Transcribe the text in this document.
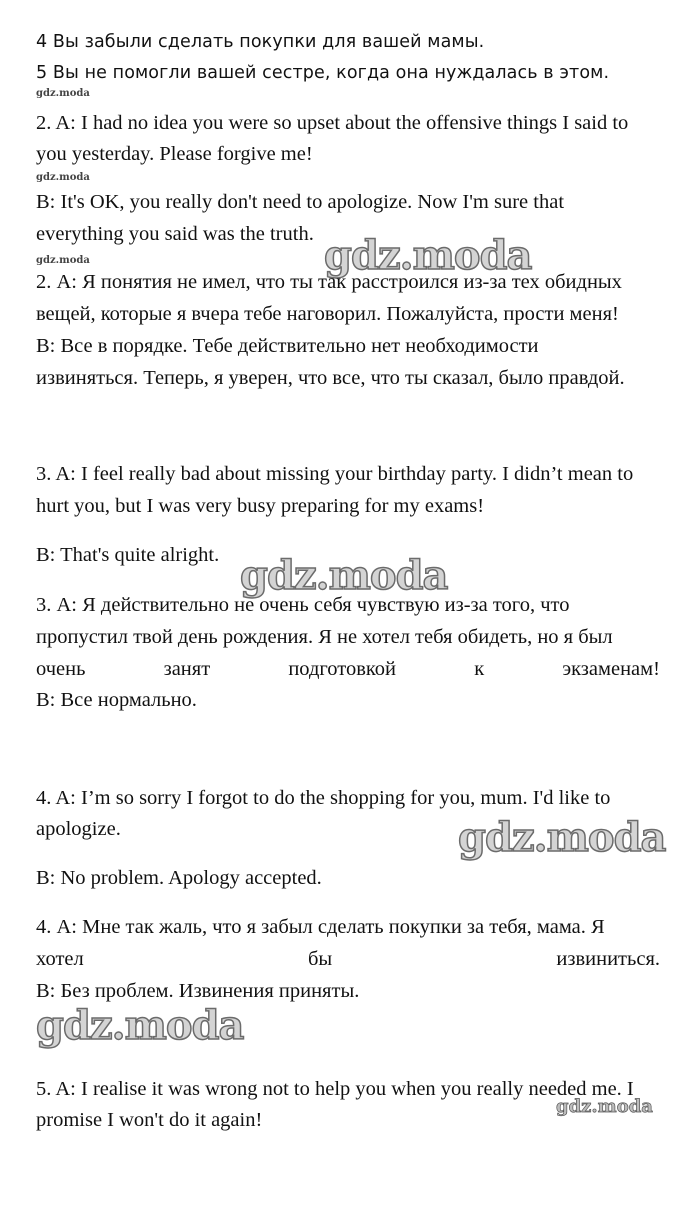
gdz.moda
gdz.moda
gdz.moda	gdz.moda
gdz.moda
gdz.moda
gdz.moda
gdz.moda
4 Вы забыли сделать покупки для вашей мамы.
5 Вы не помогли вашей сестре, когда она нуждалась в этом.
2. A: I had no idea you were so upset about the offensive things I said to
you yesterday. Please forgive me!
B: It's OK, you really don't need to apologize. Now I'm sure that
everything you said was the truth.
2. А: Я понятия не имел, что ты так расстроился из-за тех обидных
вещей, которые я вчера тебе наговорил. Пожалуйста, прости меня!
В: Все в порядке. Тебе действительно нет необходимости
извиняться. Теперь, я уверен, что все, что ты сказал, было правдой.
3. A: I feel really bad about missing your birthday party. I didn’t mean to
hurt you, but I was very busy preparing for my exams!
B: That's quite alright.
3. А: Я действительно не очень себя чувствую из-за того, что
пропустил твой день рождения. Я не хотел тебя обидеть, но я был
очень	занят	подготовкой	к	экзаменам!
В: Все нормально.
4. A: I’m so sorry I forgot to do the shopping for you, mum. I'd like to
apologize.
B: No problem. Apology accepted.
4. А: Мне так жаль, что я забыл сделать покупки за тебя, мама. Я
хотел	бы	извиниться.
В: Без проблем. Извинения приняты.
5. A: I realise it was wrong not to help you when you really needed me. I
promise I won't do it again!
